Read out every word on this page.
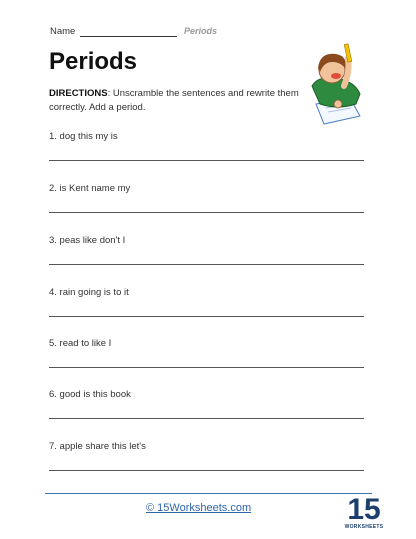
Name	Periods
Periods
DIRECTIONS: Unscramble the sentences and rewrite them correctly. Add a period.
1. dog this my is
2. is Kent name my
3. peas like don't I
4. rain going is to it
5. read to like I
6. good is this book
7. apple share this let's
© 15Worksheets.com	15
WORKSHEETS
